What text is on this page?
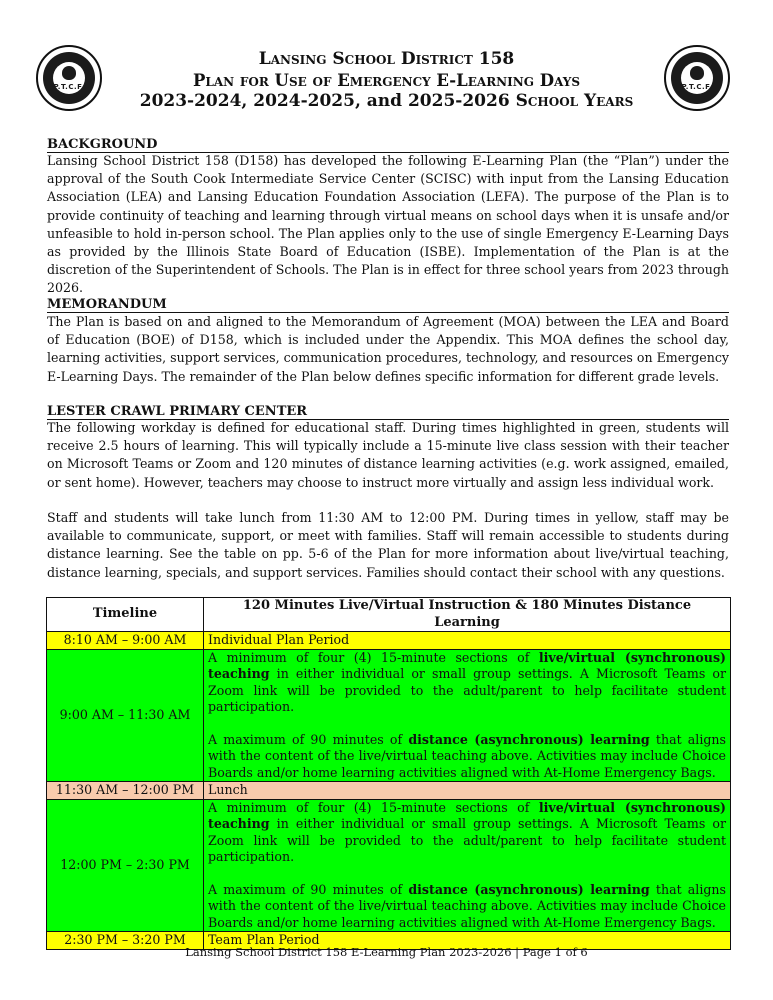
P.T.C.F.	P.T.C.F.
Lansing School District 158
Plan for Use of Emergency E-Learning Days
2023-2024, 2024-2025, and 2025-2026 School Years
BACKGROUND
Lansing School District 158 (D158) has developed the following E-Learning Plan (the “Plan”) under the approval of the South Cook Intermediate Service Center (SCISC) with input from the Lansing Education Association (LEA) and Lansing Education Foundation Association (LEFA). The purpose of the Plan is to provide continuity of teaching and learning through virtual means on school days when it is unsafe and/or unfeasible to hold in-person school. The Plan applies only to the use of single Emergency E-Learning Days as provided by the Illinois State Board of Education (ISBE). Implementation of the Plan is at the discretion of the Superintendent of Schools. The Plan is in effect for three school years from 2023 through 2026.
MEMORANDUM
The Plan is based on and aligned to the Memorandum of Agreement (MOA) between the LEA and Board of Education (BOE) of D158, which is included under the Appendix. This MOA defines the school day, learning activities, support services, communication procedures, technology, and resources on Emergency E-Learning Days. The remainder of the Plan below defines specific information for different grade levels.
LESTER CRAWL PRIMARY CENTER
The following workday is defined for educational staff. During times highlighted in green, students will receive 2.5 hours of learning. This will typically include a 15-minute live class session with their teacher on Microsoft Teams or Zoom and 120 minutes of distance learning activities (e.g. work assigned, emailed, or sent home). However, teachers may choose to instruct more virtually and assign less individual work.
Staff and students will take lunch from 11:30 AM to 12:00 PM. During times in yellow, staff may be available to communicate, support, or meet with families. Staff will remain accessible to students during distance learning. See the table on pp. 5-6 of the Plan for more information about live/virtual teaching, distance learning, specials, and support services. Families should contact their school with any questions.
Timeline	120 Minutes Live/Virtual Instruction & 180 Minutes Distance Learning
8:10 AM – 9:00 AM	Individual Plan Period
9:00 AM – 11:30 AM	A minimum of four (4) 15-minute sections of live/virtual (synchronous) teaching in either individual or small group settings. A Microsoft Teams or Zoom link will be provided to the adult/parent to help facilitate student participation.

A maximum of 90 minutes of distance (asynchronous) learning that aligns with the content of the live/virtual teaching above. Activities may include Choice Boards and/or home learning activities aligned with At-Home Emergency Bags.

11:30 AM – 12:00 PM	Lunch
12:00 PM – 2:30 PM	A minimum of four (4) 15-minute sections of live/virtual (synchronous) teaching in either individual or small group settings. A Microsoft Teams or Zoom link will be provided to the adult/parent to help facilitate student participation.

A maximum of 90 minutes of distance (asynchronous) learning that aligns with the content of the live/virtual teaching above. Activities may include Choice Boards and/or home learning activities aligned with At-Home Emergency Bags.

2:30 PM – 3:20 PM	Team Plan Period
Lansing School District 158 E-Learning Plan 2023-2026 | Page 1 of 6
